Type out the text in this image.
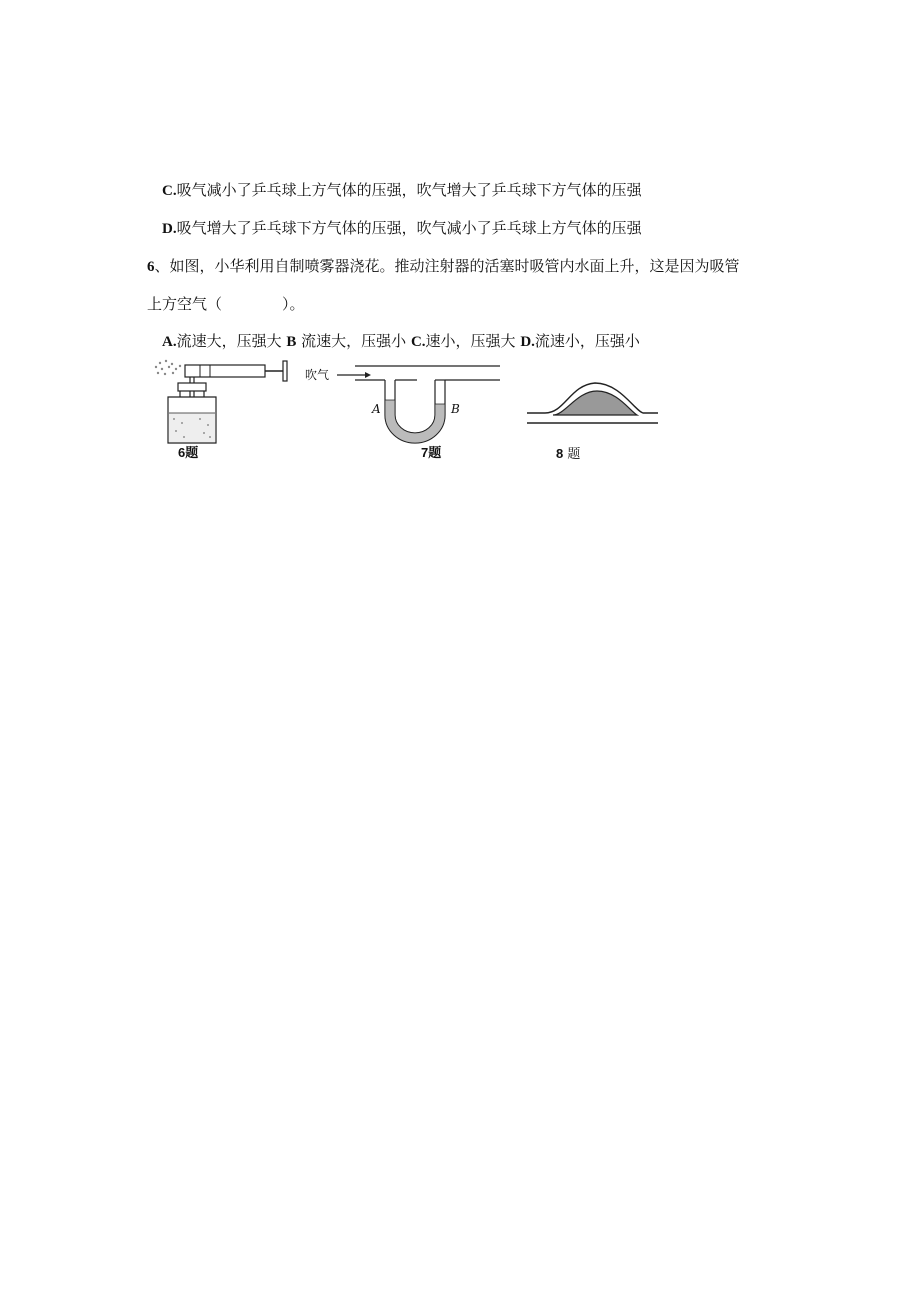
C.吸气减小了乒乓球上方气体的压强，吹气增大了乒乓球下方气体的压强
D.吸气增大了乒乓球下方气体的压强，吹气减小了乒乓球上方气体的压强
6、如图，小华利用自制喷雾器浇花。推动注射器的活塞时吸管内水面上升，这是因为吸管
上方空气（　　　　）。
A.流速大，压强大 B 流速大，压强小 C.速小，压强大 D.流速小，压强小
6题
吹气
A	B
7题	8 题
